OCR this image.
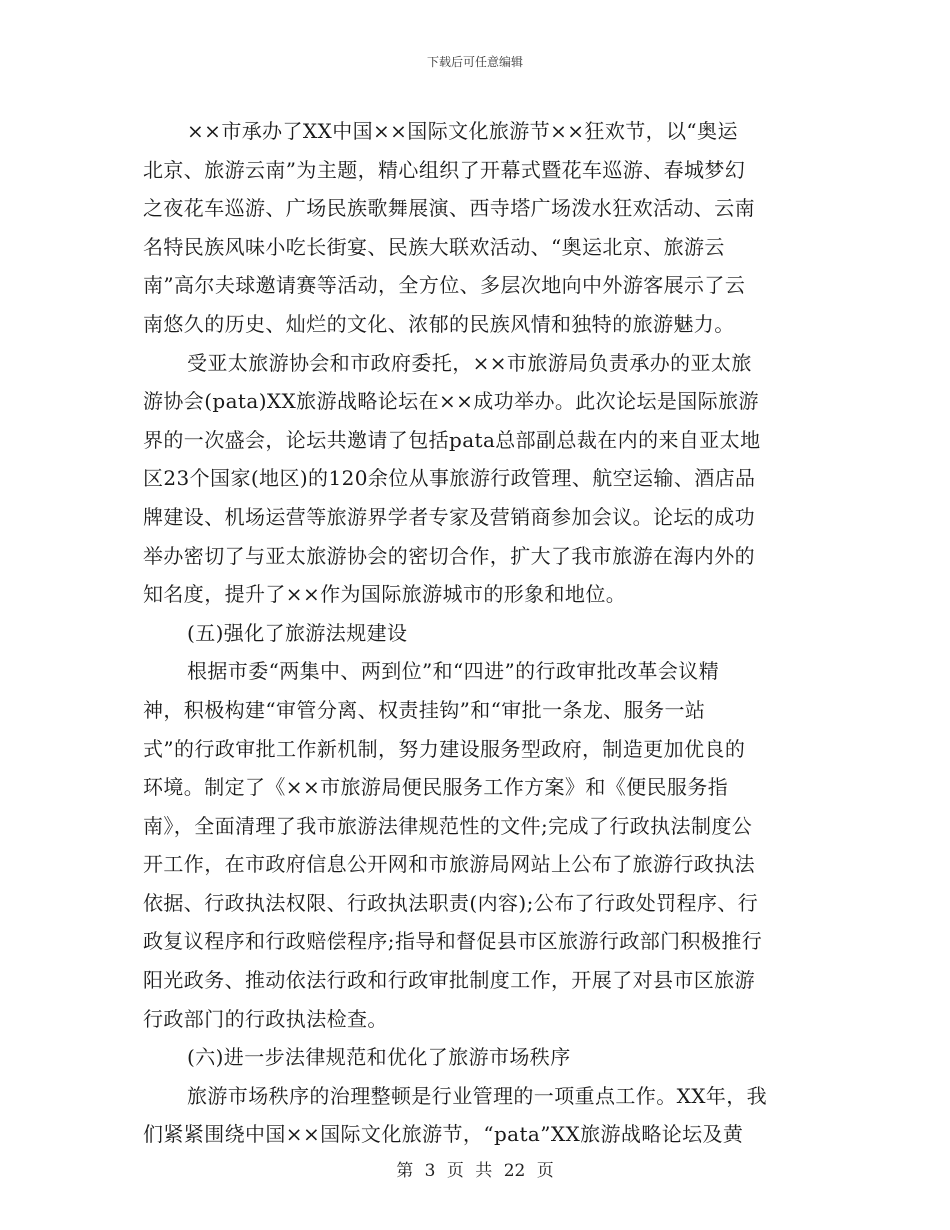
下载后可任意编辑
××市承办了XX中国××国际文化旅游节××狂欢节，以“奥运
北京、旅游云南”为主题，精心组织了开幕式暨花车巡游、春城梦幻
之夜花车巡游、广场民族歌舞展演、西寺塔广场泼水狂欢活动、云南
名特民族风味小吃长街宴、民族大联欢活动、“奥运北京、旅游云
南”高尔夫球邀请赛等活动，全方位、多层次地向中外游客展示了云
南悠久的历史、灿烂的文化、浓郁的民族风情和独特的旅游魅力。
受亚太旅游协会和市政府委托，××市旅游局负责承办的亚太旅
游协会(pata)XX旅游战略论坛在××成功举办。此次论坛是国际旅游
界的一次盛会，论坛共邀请了包括pata总部副总裁在内的来自亚太地
区23个国家(地区)的120余位从事旅游行政管理、航空运输、酒店品
牌建设、机场运营等旅游界学者专家及营销商参加会议。论坛的成功
举办密切了与亚太旅游协会的密切合作，扩大了我市旅游在海内外的
知名度，提升了××作为国际旅游城市的形象和地位。
(五)强化了旅游法规建设
根据市委“两集中、两到位”和“四进”的行政审批改革会议精
神，积极构建“审管分离、权责挂钩”和“审批一条龙、服务一站
式”的行政审批工作新机制，努力建设服务型政府，制造更加优良的
环境。制定了《××市旅游局便民服务工作方案》和《便民服务指
南》，全面清理了我市旅游法律规范性的文件;完成了行政执法制度公
开工作，在市政府信息公开网和市旅游局网站上公布了旅游行政执法
依据、行政执法权限、行政执法职责(内容);公布了行政处罚程序、行
政复议程序和行政赔偿程序;指导和督促县市区旅游行政部门积极推行
阳光政务、推动依法行政和行政审批制度工作，开展了对县市区旅游
行政部门的行政执法检查。
(六)进一步法律规范和优化了旅游市场秩序
旅游市场秩序的治理整顿是行业管理的一项重点工作。XX年，我
们紧紧围绕中国××国际文化旅游节，“pata”XX旅游战略论坛及黄
第 3 页 共 22 页
